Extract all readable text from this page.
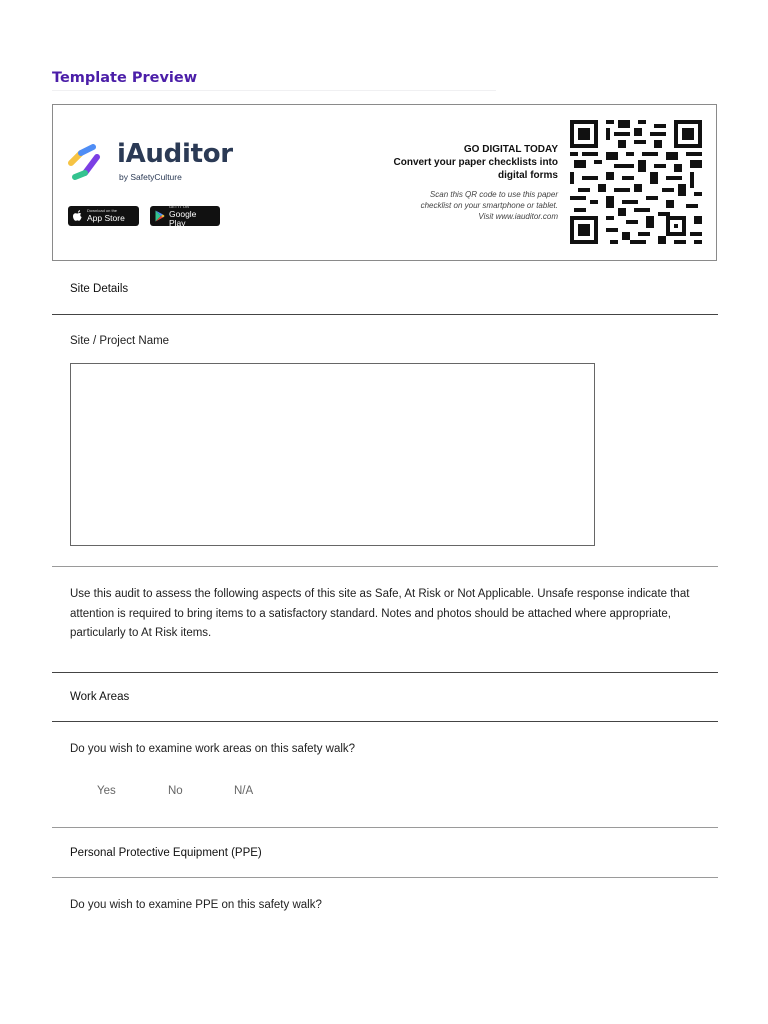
Template Preview
iAuditor
by SafetyCulture
Download on the
App Store
GET IT ON
Google Play
GO DIGITAL TODAY
Convert your paper checklists into
digital forms
Scan this QR code to use this paper
checklist on your smartphone or tablet.
Visit www.iauditor.com
Site Details
Site / Project Name
Use this audit to assess the following aspects of this site as Safe, At Risk or Not Applicable. Unsafe response indicate that attention is required to bring items to a satisfactory standard. Notes and photos should be attached where appropriate, particularly to At Risk items.
Work Areas
Do you wish to examine work areas on this safety walk?
Yes	No	N/A
Personal Protective Equipment (PPE)
Do you wish to examine PPE on this safety walk?
